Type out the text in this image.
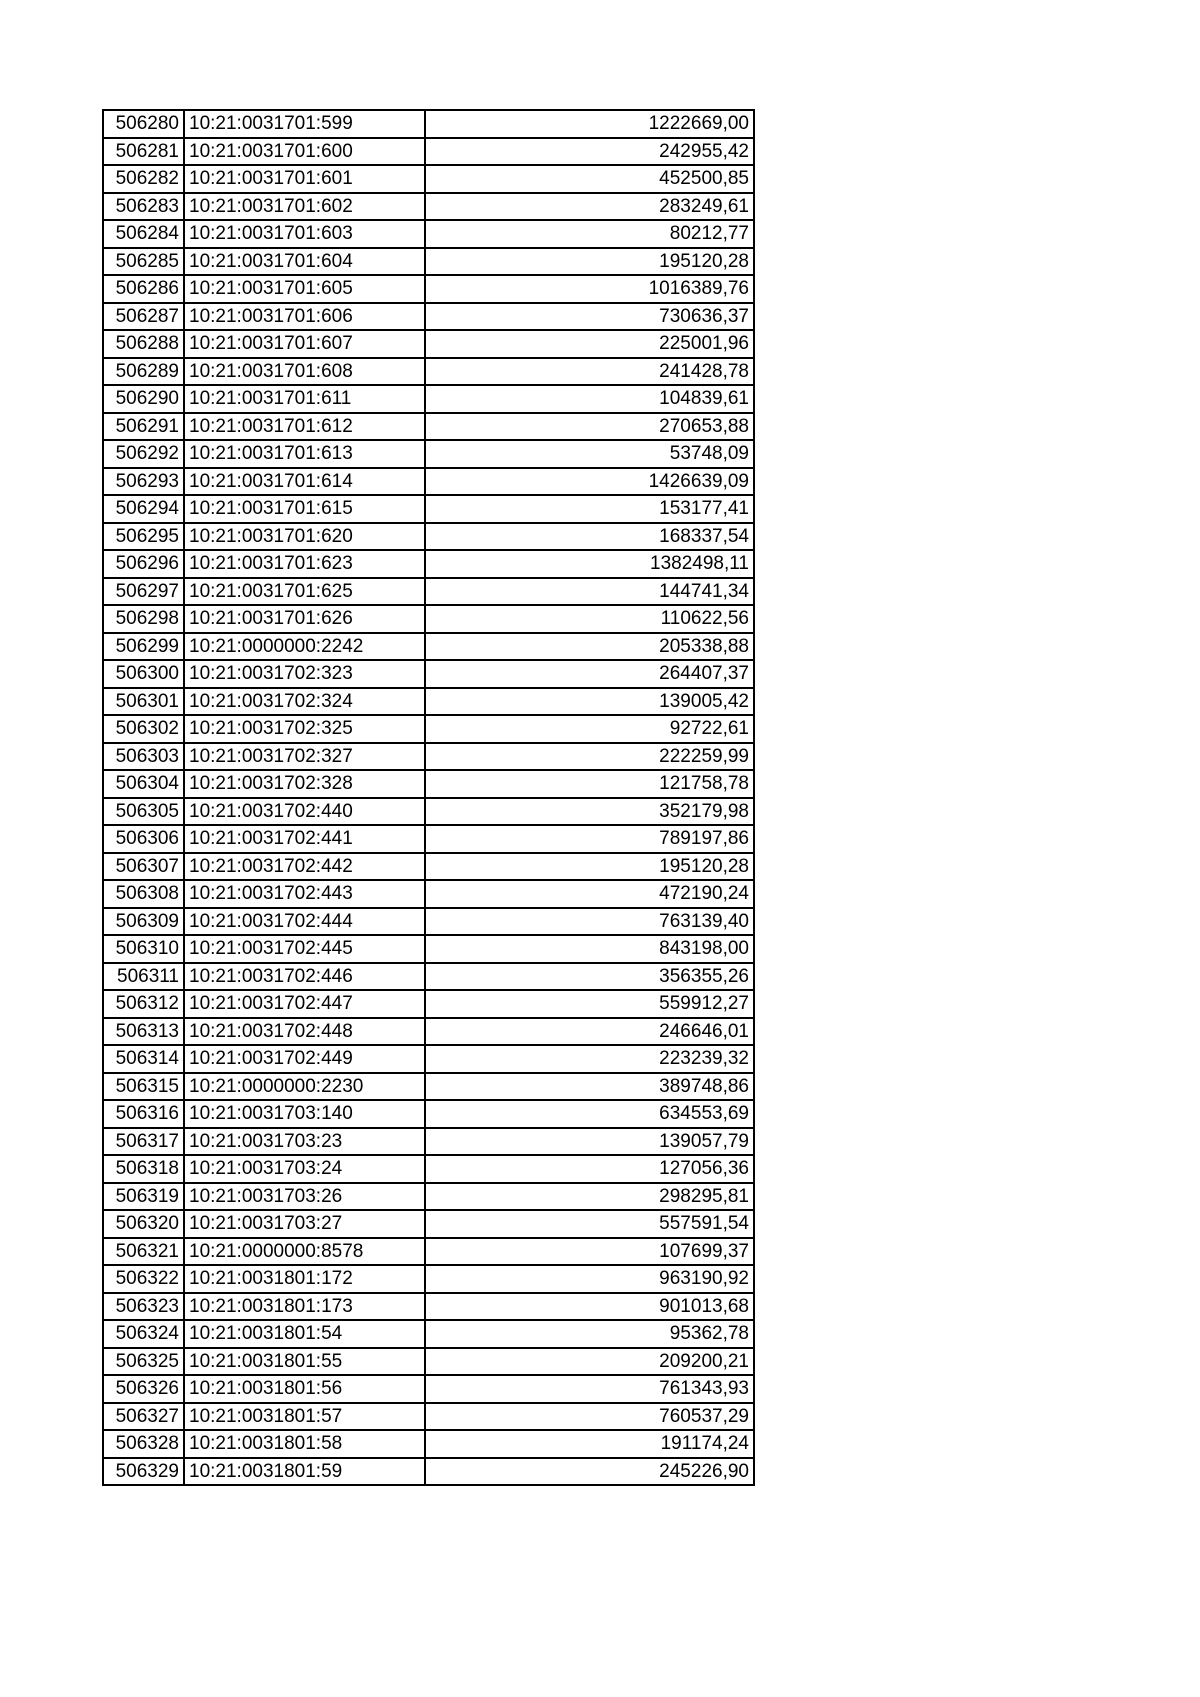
506280	10:21:0031701:599	1222669,00
506281	10:21:0031701:600	242955,42
506282	10:21:0031701:601	452500,85
506283	10:21:0031701:602	283249,61
506284	10:21:0031701:603	80212,77
506285	10:21:0031701:604	195120,28
506286	10:21:0031701:605	1016389,76
506287	10:21:0031701:606	730636,37
506288	10:21:0031701:607	225001,96
506289	10:21:0031701:608	241428,78
506290	10:21:0031701:611	104839,61
506291	10:21:0031701:612	270653,88
506292	10:21:0031701:613	53748,09
506293	10:21:0031701:614	1426639,09
506294	10:21:0031701:615	153177,41
506295	10:21:0031701:620	168337,54
506296	10:21:0031701:623	1382498,11
506297	10:21:0031701:625	144741,34
506298	10:21:0031701:626	110622,56
506299	10:21:0000000:2242	205338,88
506300	10:21:0031702:323	264407,37
506301	10:21:0031702:324	139005,42
506302	10:21:0031702:325	92722,61
506303	10:21:0031702:327	222259,99
506304	10:21:0031702:328	121758,78
506305	10:21:0031702:440	352179,98
506306	10:21:0031702:441	789197,86
506307	10:21:0031702:442	195120,28
506308	10:21:0031702:443	472190,24
506309	10:21:0031702:444	763139,40
506310	10:21:0031702:445	843198,00
506311	10:21:0031702:446	356355,26
506312	10:21:0031702:447	559912,27
506313	10:21:0031702:448	246646,01
506314	10:21:0031702:449	223239,32
506315	10:21:0000000:2230	389748,86
506316	10:21:0031703:140	634553,69
506317	10:21:0031703:23	139057,79
506318	10:21:0031703:24	127056,36
506319	10:21:0031703:26	298295,81
506320	10:21:0031703:27	557591,54
506321	10:21:0000000:8578	107699,37
506322	10:21:0031801:172	963190,92
506323	10:21:0031801:173	901013,68
506324	10:21:0031801:54	95362,78
506325	10:21:0031801:55	209200,21
506326	10:21:0031801:56	761343,93
506327	10:21:0031801:57	760537,29
506328	10:21:0031801:58	191174,24
506329	10:21:0031801:59	245226,90
